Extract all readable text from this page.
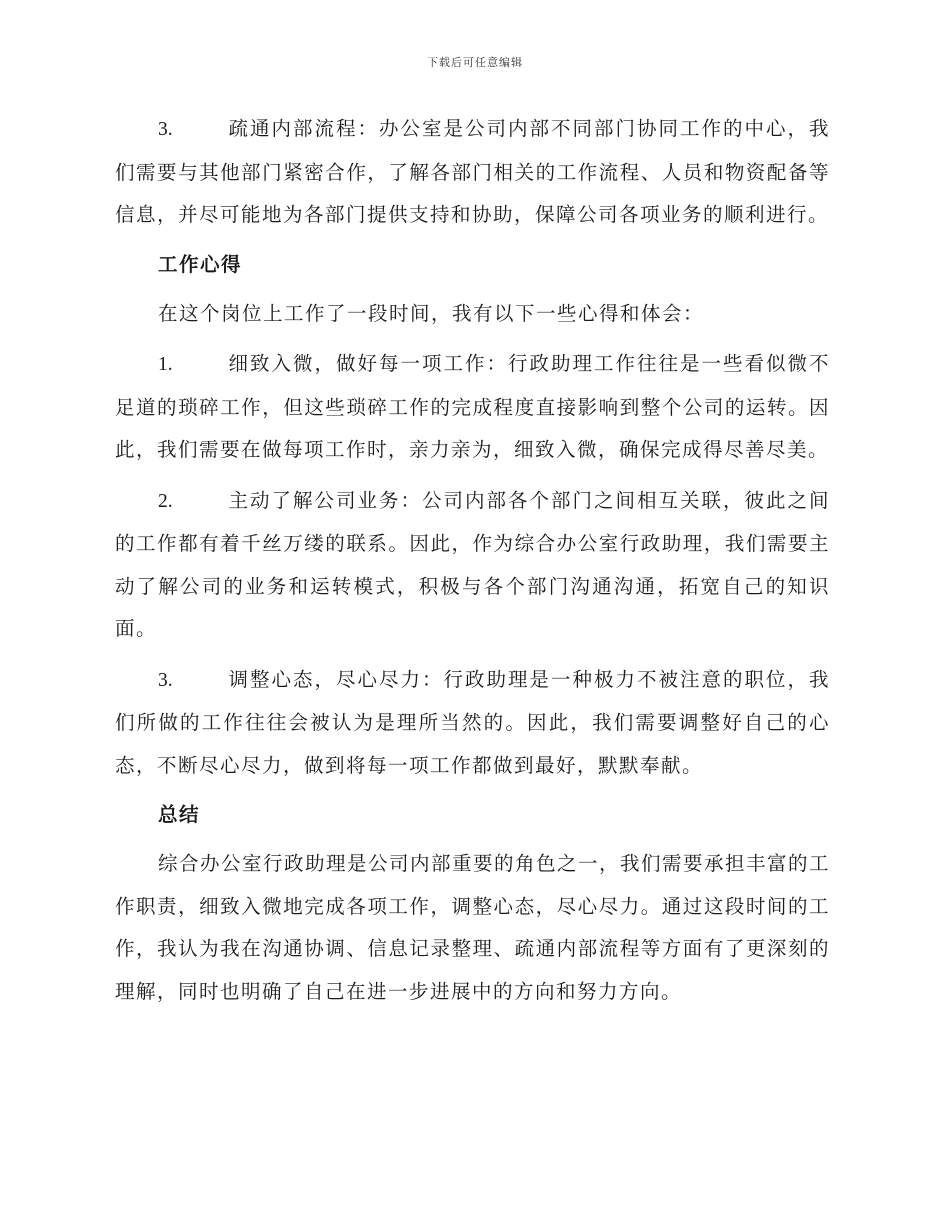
下载后可任意编辑

3.	疏通内部流程：办公室是公司内部不同部门协同工作的中心，我们需要与其他部门紧密合作，了解各部门相关的工作流程、人员和物资配备等信息，并尽可能地为各部门提供支持和协助，保障公司各项业务的顺利进行。

工作心得

在这个岗位上工作了一段时间，我有以下一些心得和体会：

1.	细致入微，做好每一项工作：行政助理工作往往是一些看似微不足道的琐碎工作，但这些琐碎工作的完成程度直接影响到整个公司的运转。因此，我们需要在做每项工作时，亲力亲为，细致入微，确保完成得尽善尽美。

2.	主动了解公司业务：公司内部各个部门之间相互关联，彼此之间的工作都有着千丝万缕的联系。因此，作为综合办公室行政助理，我们需要主动了解公司的业务和运转模式，积极与各个部门沟通沟通，拓宽自己的知识面。

3.	调整心态，尽心尽力：行政助理是一种极力不被注意的职位，我们所做的工作往往会被认为是理所当然的。因此，我们需要调整好自己的心态，不断尽心尽力，做到将每一项工作都做到最好，默默奉献。

总结

综合办公室行政助理是公司内部重要的角色之一，我们需要承担丰富的工作职责，细致入微地完成各项工作，调整心态，尽心尽力。通过这段时间的工作，我认为我在沟通协调、信息记录整理、疏通内部流程等方面有了更深刻的理解，同时也明确了自己在进一步进展中的方向和努力方向。
